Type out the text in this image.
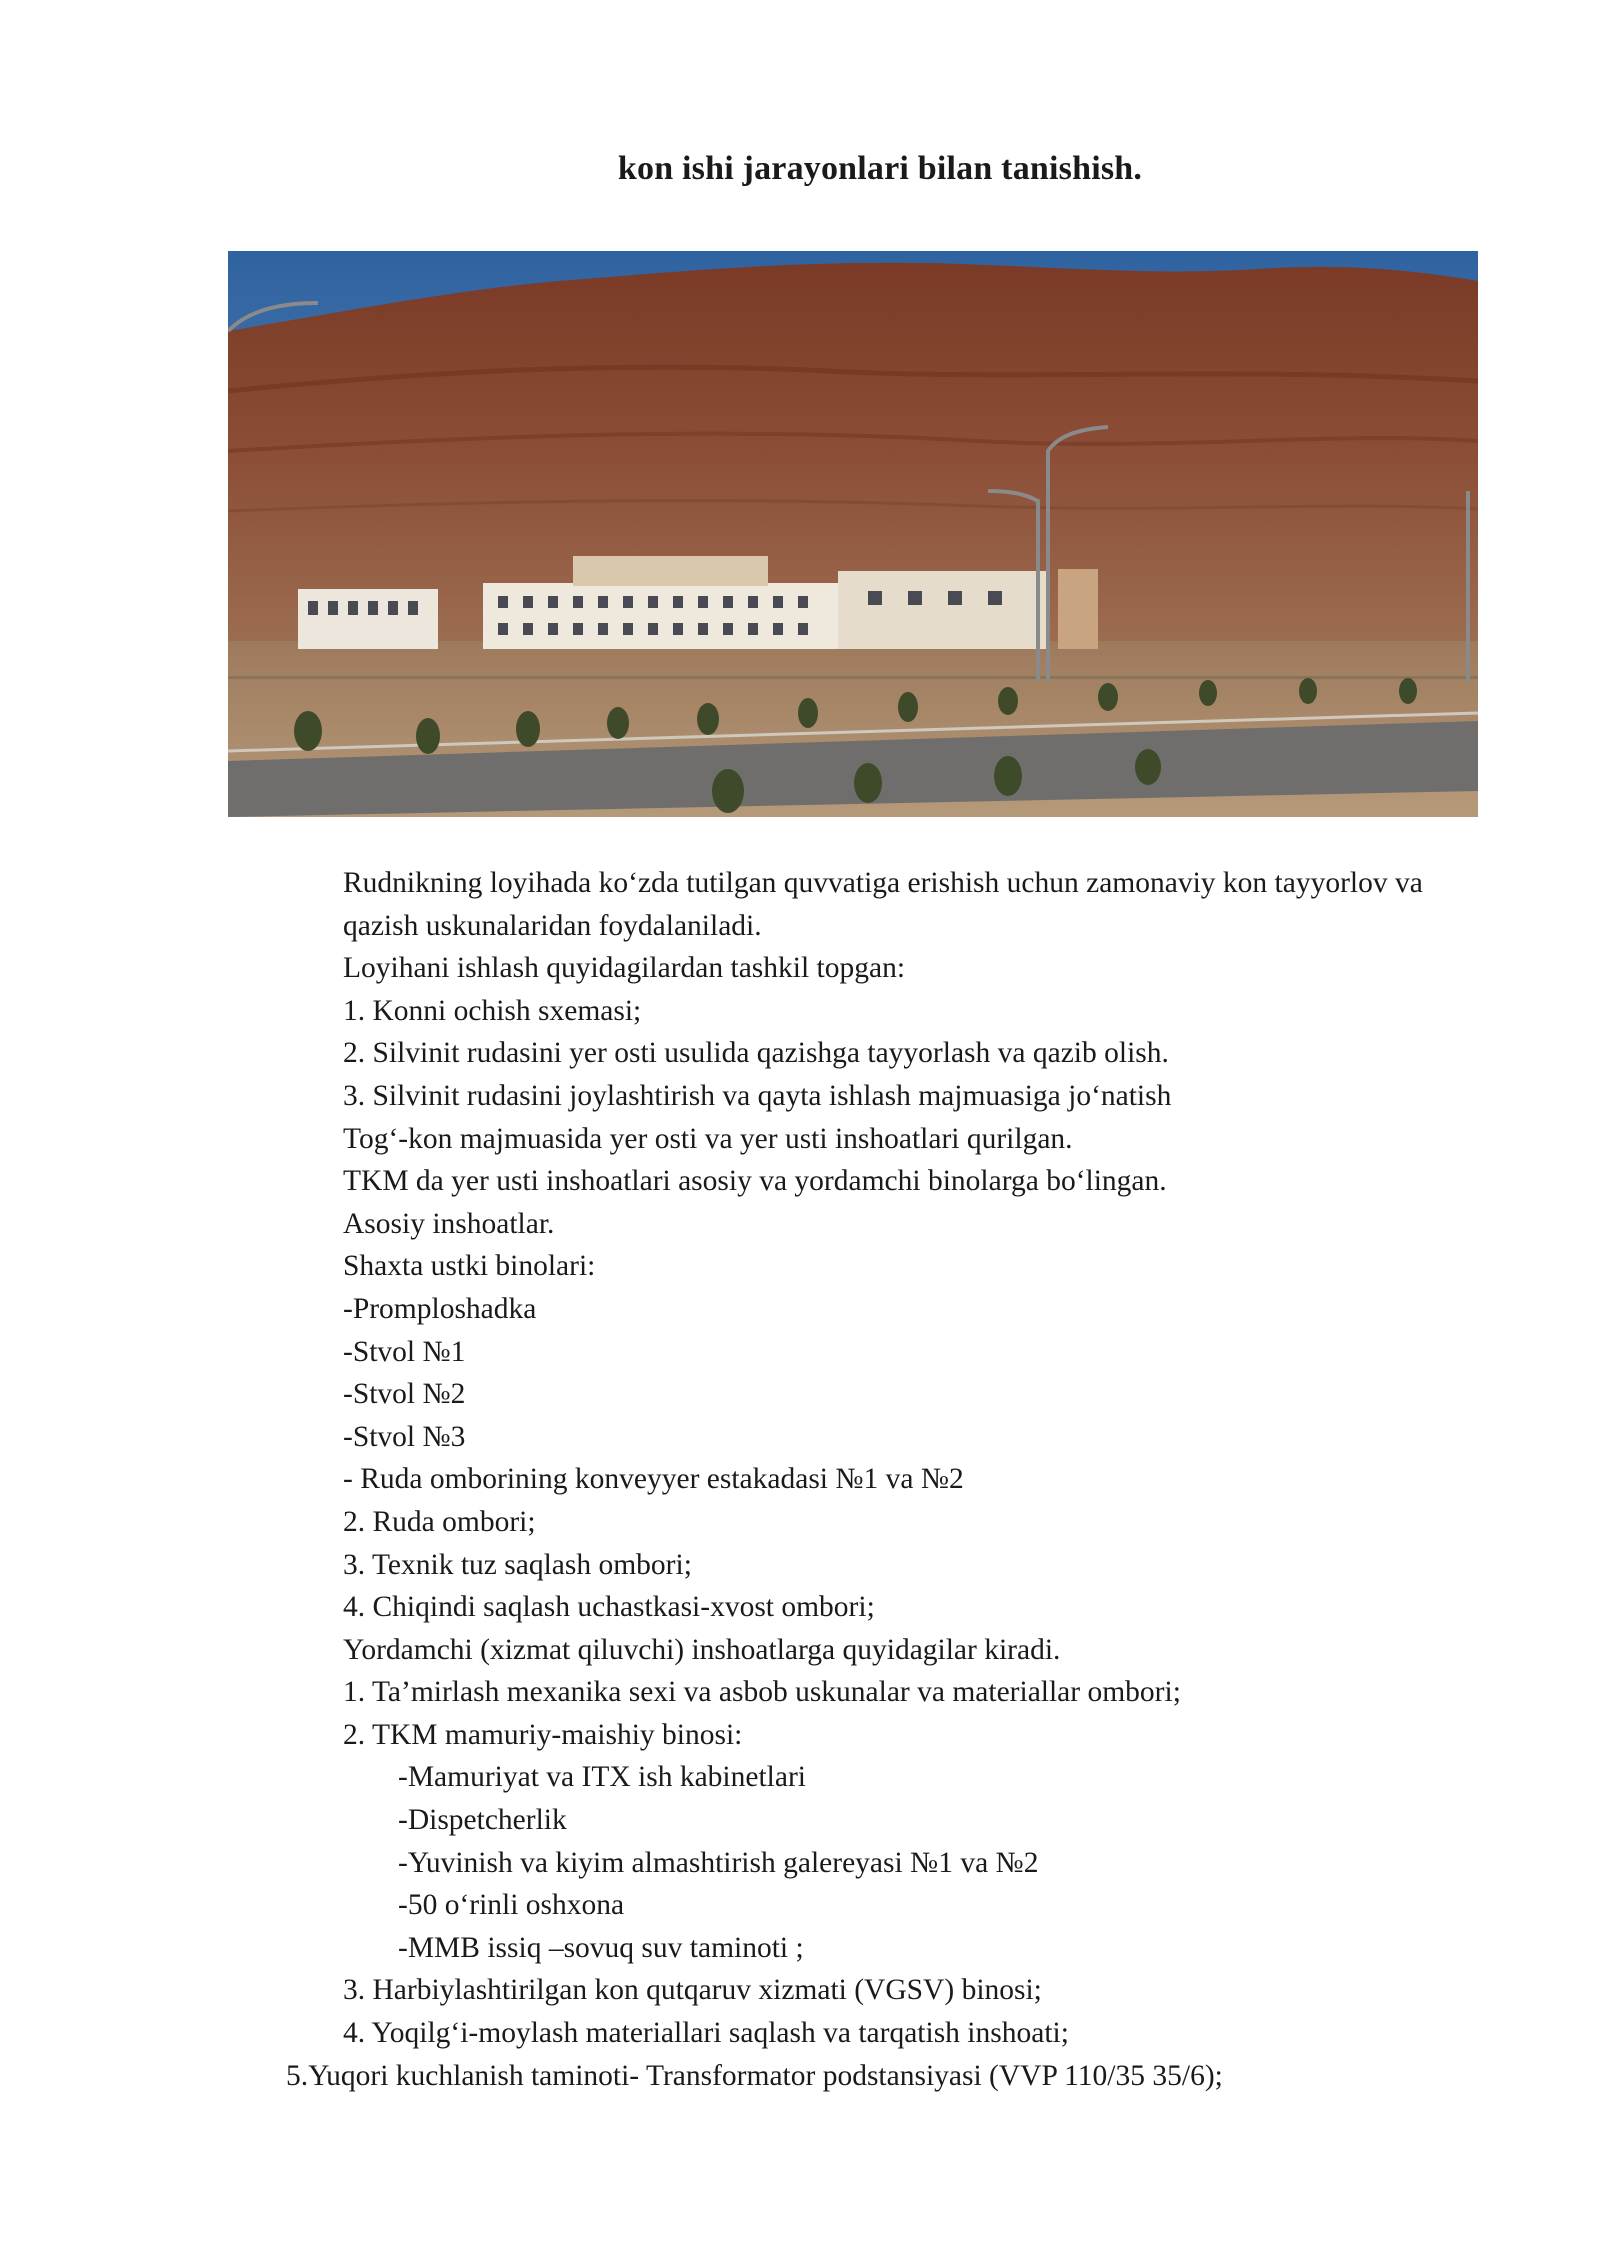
kon ishi jarayonlari bilan tanishish.
Rudnikning loyihada ko‘zda tutilgan quvvatiga erishish uchun zamonaviy kon tayyorlov va qazish uskunalaridan foydalaniladi.
Loyihani ishlash quyidagilardan tashkil topgan:
1. Konni ochish sxemasi;
2. Silvinit rudasini yer osti usulida qazishga tayyorlash va qazib olish.
3. Silvinit rudasini joylashtirish va qayta ishlash majmuasiga jo‘natish
Tog‘-kon majmuasida yer osti va yer usti inshoatlari qurilgan.
TKM da yer usti inshoatlari asosiy va yordamchi binolarga bo‘lingan.
Asosiy inshoatlar.
Shaxta ustki binolari:
-Promploshadka
-Stvol №1
-Stvol №2
-Stvol №3
- Ruda omborining konveyyer estakadasi №1 va №2
2. Ruda ombori;
3. Texnik tuz saqlash ombori;
4. Chiqindi saqlash uchastkasi-xvost ombori;
Yordamchi (xizmat qiluvchi) inshoatlarga quyidagilar kiradi.
1. Ta’mirlash mexanika sexi va asbob uskunalar va materiallar ombori;
2. TKM mamuriy-maishiy binosi:
-Mamuriyat va ITX ish kabinetlari
-Dispetcherlik
-Yuvinish va kiyim almashtirish galereyasi №1 va №2
-50 o‘rinli oshxona
-MMB issiq –sovuq suv taminoti ;
3. Harbiylashtirilgan kon qutqaruv xizmati (VGSV) binosi;
4. Yoqilg‘i-moylash materiallari saqlash va tarqatish inshoati;
5.Yuqori kuchlanish taminoti- Transformator podstansiyasi (VVP 110/35 35/6);
